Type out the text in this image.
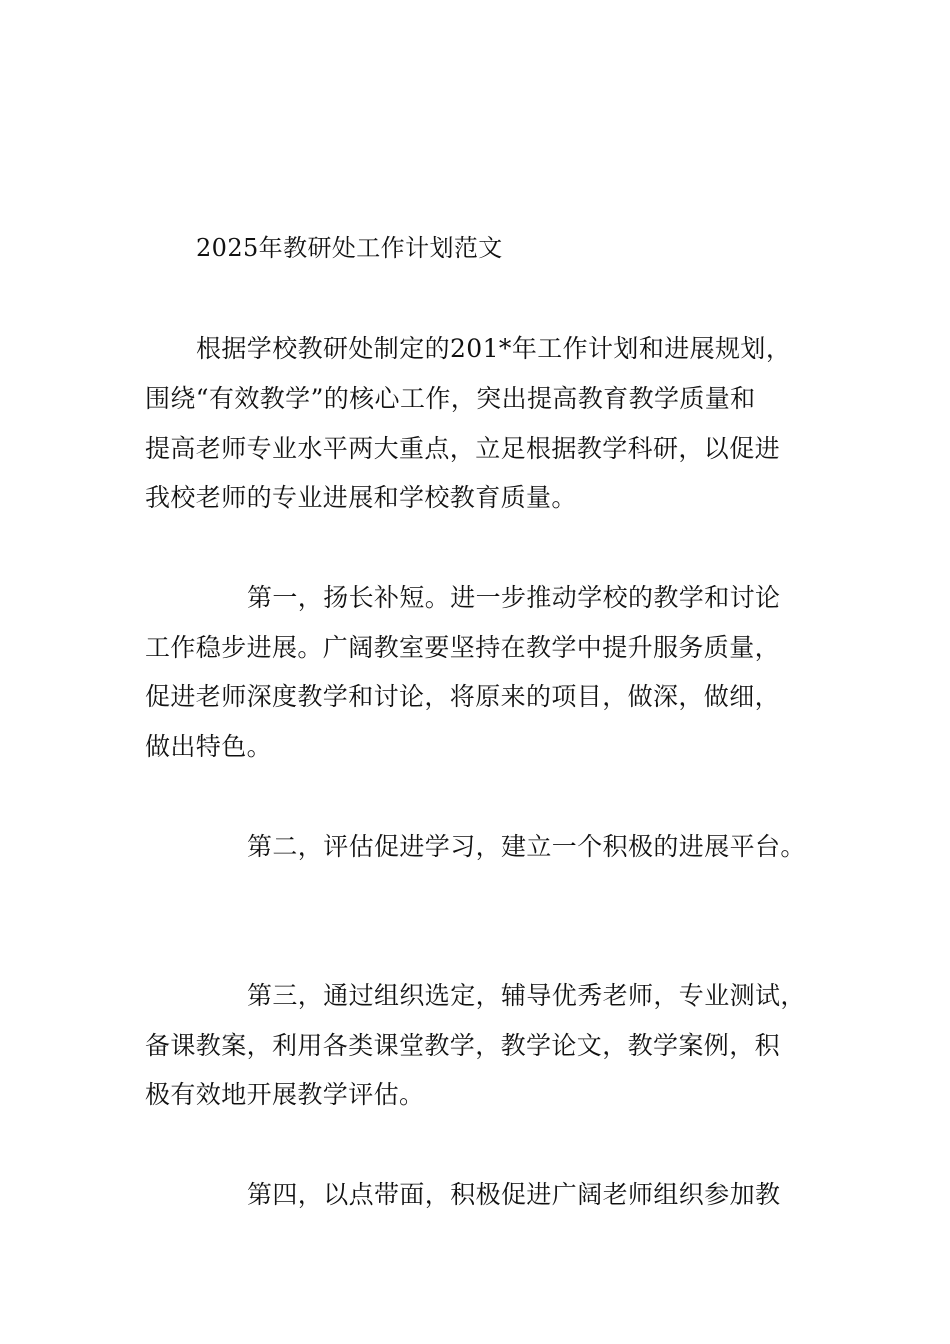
2025年教研处工作计划范文
根据学校教研处制定的201*年工作计划和进展规划，
围绕“有效教学”的核心工作，突出提高教育教学质量和
提高老师专业水平两大重点，立足根据教学科研，以促进
我校老师的专业进展和学校教育质量。
第一，扬长补短。进一步推动学校的教学和讨论
工作稳步进展。广阔教室要坚持在教学中提升服务质量，
促进老师深度教学和讨论，将原来的项目，做深，做细，
做出特色。
第二，评估促进学习，建立一个积极的进展平台。
第三，通过组织选定，辅导优秀老师，专业测试，
备课教案，利用各类课堂教学，教学论文，教学案例，积
极有效地开展教学评估。
第四，以点带面，积极促进广阔老师组织参加教
